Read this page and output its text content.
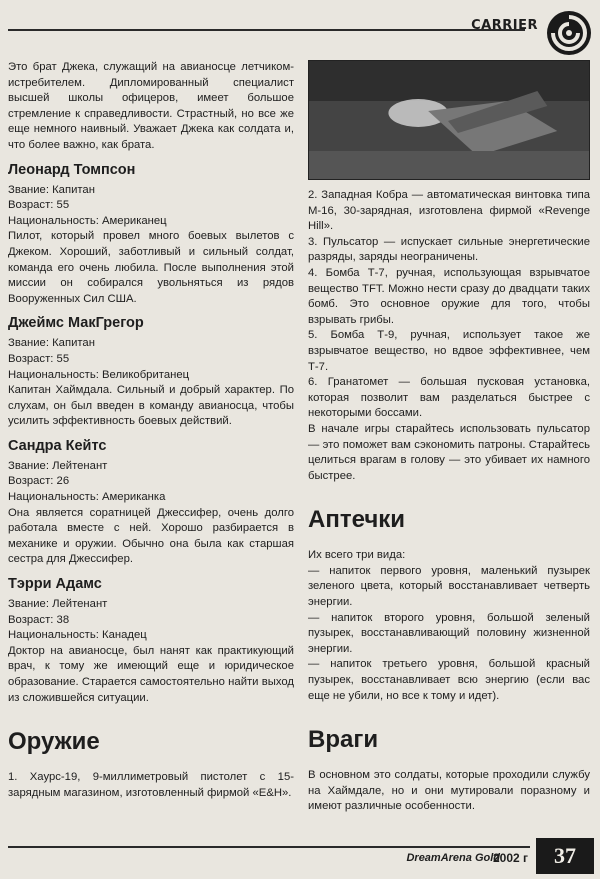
CARRIER

Это брат Джека, служащий на авианосце летчиком-истребителем. Дипломированный специалист высшей школы офицеров, имеет большое стремление к справедливости. Страстный, но все же еще немного наивный. Уважает Джека как солдата и, что более важно, как брата.

Леонард Томпсон

Звание: Капитан

Возраст: 55

Национальность: Американец

Пилот, который провел много боевых вылетов с Джеком. Хороший, заботливый и сильный солдат, команда его очень любила. После выполнения этой миссии он собирался увольняться из рядов Вооруженных Сил США.

Джеймс МакГрегор

Звание: Капитан

Возраст: 55

Национальность: Великобританец

Капитан Хаймдала. Сильный и добрый характер. По слухам, он был введен в команду авианосца, чтобы усилить эффективность боевых действий.

Сандра Кейтс

Звание: Лейтенант

Возраст: 26

Национальность: Американка

Она является соратницей Джессифер, очень долго работала вместе с ней. Хорошо разбирается в механике и оружии. Обычно она была как старшая сестра для Джессифер.

Тэрри Адамс

Звание: Лейтенант

Возраст: 38

Национальность: Канадец

Доктор на авианосце, был нанят как практикующий врач, к тому же имеющий еще и юридическое образование. Старается самостоятельно найти выход из сложившейся ситуации.

Оружие

1. Хаурс-19, 9-миллиметровый пистолет с 15-зарядным магазином, изготовленный фирмой «E&H».

2. Западная Кобра — автоматическая винтовка типа М-16, 30-зарядная, изготовлена фирмой «Revenge Hill».

3. Пульсатор — испускает сильные энергетические разряды, заряды неограничены.

4. Бомба Т-7, ручная, использующая взрывчатое вещество TFT. Можно нести сразу до двадцати таких бомб. Это основное оружие для того, чтобы взрывать грибы.

5. Бомба Т-9, ручная, использует такое же взрывчатое вещество, но вдвое эффективнее, чем Т-7.

6. Гранатомет — большая пусковая установка, которая позволит вам разделаться быстрее с некоторыми боссами.

В начале игры старайтесь использовать пульсатор — это поможет вам сэкономить патроны. Старайтесь целиться врагам в голову — это убивает их намного быстрее.

Аптечки

Их всего три вида:

— напиток первого уровня, маленький пузырек зеленого цвета, который восстанавливает четверть энергии.

— напиток второго уровня, большой зеленый пузырек, восстанавливающий половину жизненной энергии.

— напиток третьего уровня, большой красный пузырек, восстанавливает всю энергию (если вас еще не убили, но все к тому и идет).

Враги

В основном это солдаты, которые проходили службу на Хаймдале, но и они мутировали поразному и имеют различные особенности.

DreamArena Gold
2002 г	37
